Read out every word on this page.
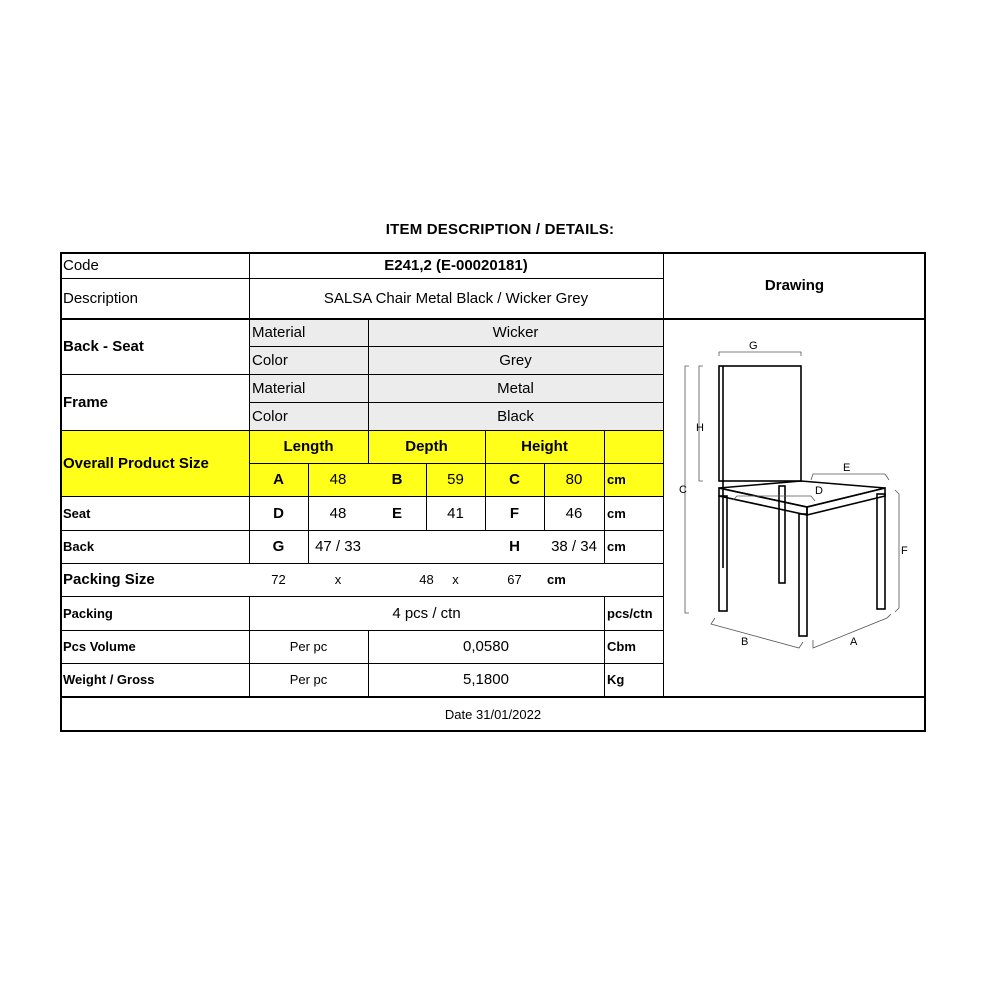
ITEM DESCRIPTION / DETAILS:
Code	E241,2 (E-00020181)
Description	SALSA Chair Metal Black / Wicker Grey
Drawing
Back - Seat
Material	Wicker
Color	Grey
Frame
Material	Metal
Color	Black
Overall Product Size
Length	Depth	Height
A	48	B	59	C	80	cm
Seat	D	48	E	41	F	46	cm
Back	G	47 / 33	H	38 / 34 cm
Packing Size	72	x	48	x	67	cm
Packing	4 pcs / ctn	pcs/ctn
Pcs Volume	Per pc	0,0580	Cbm
Weight / Gross	Per pc	5,1800	Kg
Date 31/01/2022
G
H
C
E
D
F
B	A
